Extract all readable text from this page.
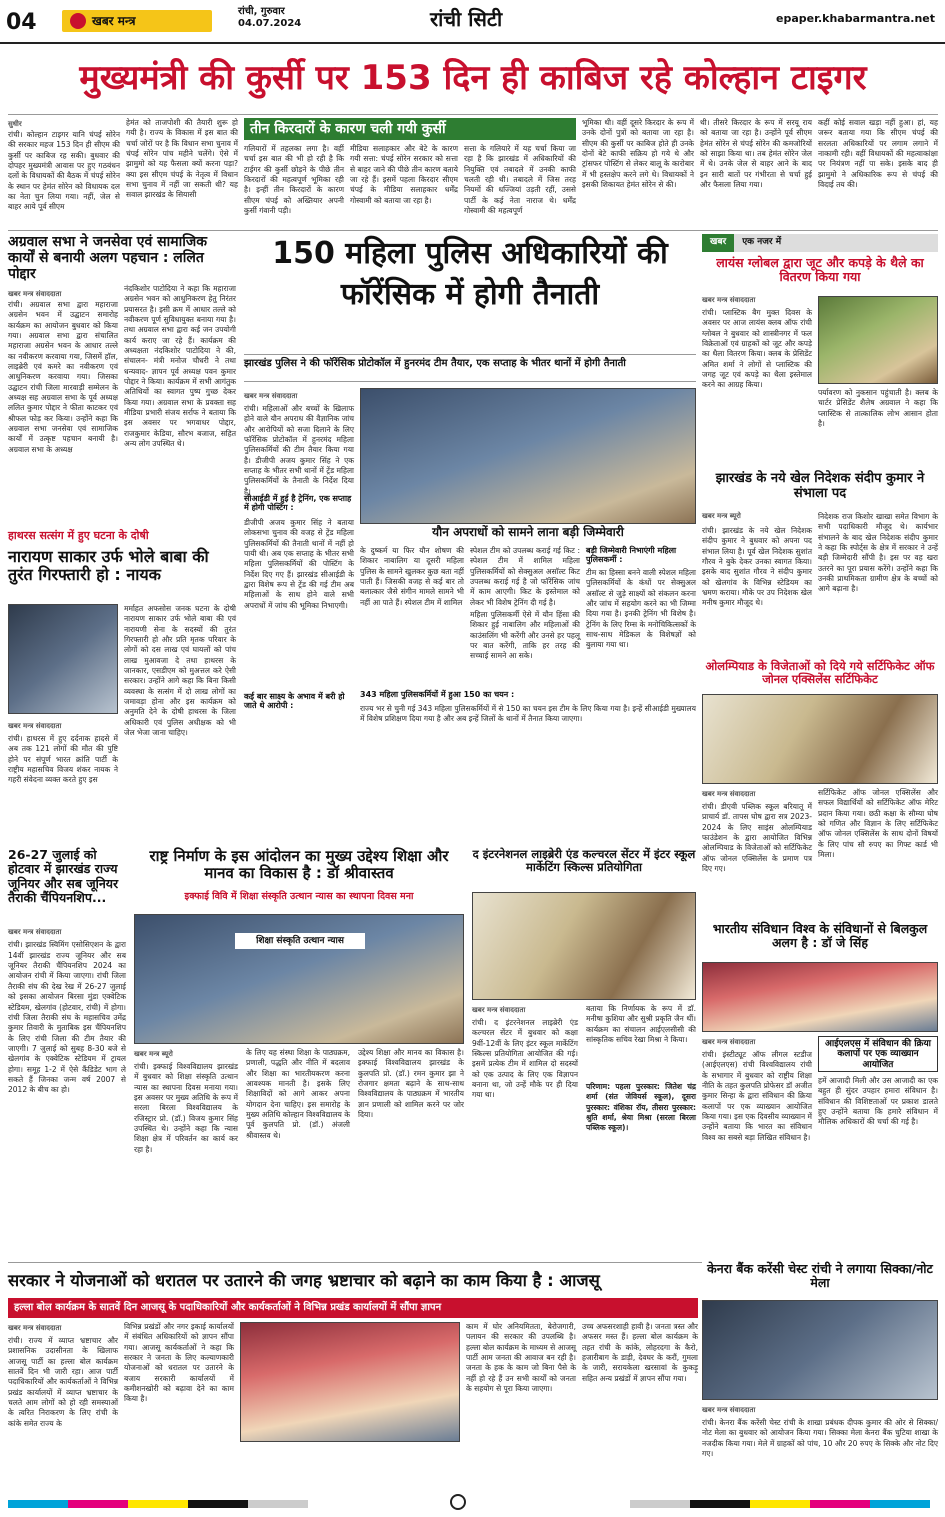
04	खबर मन्त्र
रांची, गुरुवार
04.07.2024	रांची सिटी	epaper.khabarmantra.net
मुख्यमंत्री की कुर्सी पर 153 दिन ही काबिज रहे कोल्हान टाइगर
सुधीर
रांची। कोल्हान टाइगर यानि चंपई सोरेन की सरकार महज 153 दिन ही सीएम की कुर्सी पर काबिज रह सकी। बुधवार की दोपहर मुख्यमंत्री आवास पर हुए गठबंधन दलों के विधायकों की बैठक में चंपई सोरेन के स्थान पर हेमंत सोरेन को विधायक दल का नेता चुन लिया गया। नहीं, जेल से बाहर आये पूर्व सीएम
हेमंत को ताजपोशी की तैयारी शुरू हो गयी है। राज्य के विकास में इस बात की चर्चा जोरों पर है कि विधान सभा चुनाव में चंपई सोरेन पांच महीने चलेंगे। ऐसे में झामुमो को यह फैसला क्यों करना पड़ा? क्या इस सीएम चंपई के नेतृत्व में विधान सभा चुनाव में नहीं जा सकती थी? यह सवाल झारखंड के सियासी
तीन किरदारों के कारण चली गयी कुर्सी
गलियारों में तहलका लगा है। वहीं चर्चा इस बात की भी हो रही है कि टाईगर की कुर्सी छोड़ने के पीछे तीन किरदारों की महत्वपूर्ण भूमिका रही है। इन्हीं तीन किरदारों के कारण सीएम चंपई को अख्तियार अपनी कुर्सी गंवानी पड़ी।
मीडिया सलाहकार और बेटे के कारण गयी सत्ता: चंपई सोरेन सरकार को सत्ता से बाहर जाने की पीछे तीन कारण बताये जा रहे हैं। इसमें पहला किरदार सीएम चंपई के मीडिया सलाहकार धर्मेंद्र गोस्वामी को बताया जा रहा है।
सत्ता के गलियारे में यह चर्चा किया जा रहा है कि झारखंड में अधिकारियों की नियुक्ति एवं तबादले में उनकी काफी चलती रही थी। तबादले में जिस तरह नियमों की धज्जियां उड़ती रहीं, उससे पार्टी के कई नेता नाराज थे। धर्मेंद्र गोस्वामी की महत्वपूर्ण
भूमिका थी। वहीं दूसरे किरदार के रूप में उनके दोनों पुत्रों को बताया जा रहा है। सीएम की कुर्सी पर काबिज होते ही उनके दोनों बेटे काफी सक्रिय हो गये थे और ट्रांसफर पोस्टिंग से लेकर बालू के कारोबार में भी हस्तक्षेप करने लगे थे। विधायकों ने इसकी शिकायत हेमंत सोरेन से की।
थी। तीसरे किरदार के रूप में सरयू राय को बताया जा रहा है। उन्होंने पूर्व सीएम हेमंत सोरेन से चंपई सोरेन की कमजोरियों को साझा किया था। तब हेमंत सोरेन जेल में थे। उनके जेल से बाहर आने के बाद इन सारी बातों पर गंभीरता से चर्चा हुई और फैसला लिया गया।
कहीं कोई सवाल खड़ा नहीं हुआ। हां, यह जरूर बताया गया कि सीएम चंपई की सरलता अधिकारियों पर लगाम लगाने में नाकामी रही। वहीं विधायकों की महत्वाकांक्षा पर नियंत्रण नहीं पा सके। इसके बाद ही झामुमो ने अधिकारिक रूप से चंपई की विदाई तय की।
अग्रवाल सभा ने जनसेवा एवं सामाजिक कार्यों से बनायी अलग पहचान : ललित पोद्दार
खबर मन्त्र संवाददाता
रांची। अग्रवाल सभा द्वारा महाराजा अग्रसेन भवन में उद्घाटन समारोह कार्यक्रम का आयोजन बुधवार को किया गया। अग्रवाल सभा द्वारा संचालित महाराजा अग्रसेन भवन के आधार तल्ले का नवीकरण करवाया गया, जिसमें हॉल, लाइब्रेरी एवं कमरे का नवीकरण एवं आधुनिकरण करवाया गया। जिसका उद्घाटन रांची जिला मारवाड़ी सम्मेलन के अध्यक्ष सह अग्रवाल सभा के पूर्व अध्यक्ष ललित कुमार पोद्दार ने फीता काटकर एवं श्रीफल फोड़ कर किया। उन्होंने कहा कि अग्रवाल सभा जनसेवा एवं सामाजिक कार्यों में उत्कृष्ट पहचान बनायी है। अग्रवाल सभा के अध्यक्ष
नंदकिशोर पाटोदिया ने कहा कि महाराजा अग्रसेन भवन को आधुनिकरण हेतु निरंतर प्रयासरत है। इसी क्रम में आधार तल्ले को नवीकरण पूर्ण सुविधायुक्त बनाया गया है। तथा अग्रवाल सभा द्वारा कई जन उपयोगी कार्य कराए जा रहे हैं। कार्यक्रम की अध्यक्षता नंदकिशोर पाटोदिया ने की, संचालन- मंत्री मनोज चौधरी ने तथा धन्यवाद- ज्ञापन पूर्व अध्यक्ष पवन कुमार पोद्दार ने किया। कार्यक्रम में सभी आगंतुक अतिथियों का स्वागत पुष्प गुच्छ देकर किया गया। अग्रवाल सभा के प्रवक्ता सह मीडिया प्रभारी संजय सर्राफ ने बताया कि इस अवसर पर भगवाधर पोद्दार, राजकुमार केडिया, सौरभ बजाज, सहित अन्य लोग उपस्थित थे।
हाथरस सत्संग में हुए घटना के दोषी
नारायण साकार उर्फ भोले बाबा की तुरंत गिरफ्तारी हो : नायक
खबर मन्त्र संवाददाता
रांची। हाथरस में हुए दर्दनाक हादसे में अब तक 121 लोगों की मौत की पुष्टि होने पर संपूर्ण भारत क्रांति पार्टी के राष्ट्रीय महासचिव विजय शंकर नायक ने गहरी संवेदना व्यक्त करते हुए इस
मर्माहत अफसोस जनक घटना के दोषी नारायण साकार उर्फ भोले बाबा की एवं नारायणी सेना के सदस्यों की तुरंत गिरफ्तारी हो और प्रति मृतक परिवार के लोगों को दस लाख एवं घायलों को पांच लाख मुआवजा दे तथा हाथरस के जानकार, एसडीएम को मुअत्तल करे ऐसी सरकार। उन्होंने आगे कहा कि बिना किसी व्यवस्था के सत्संग में दो लाख लोगों का जमावड़ा होना और इस कार्यक्रम को अनुमति देने के दोषी हाथरस के जिला अधिकारी एवं पुलिस अधीक्षक को भी जेल भेजा जाना चाहिए।
26-27 जुलाई को होटवार में झारखंड राज्य जूनियर और सब जूनियर तैराकी चैंपियनशिप...
खबर मन्त्र संवाददाता
रांची। झारखंड स्विमिंग एसोसिएशन के द्वारा 14वीं झारखंड राज्य जूनियर और सब जूनियर तैराकी चैंपियनशिप 2024 का आयोजन रांची में किया जाएगा। रांची जिला तैराकी संघ की देख रेख में 26-27 जुलाई को इसका आयोजन बिरसा मुंडा एक्वेटिक स्टेडियम, खेलगांव (होटवार, रांची) में होगा। रांची जिला तैराकी संघ के महासचिव उमेंद्र कुमार तिवारी के मुताबिक इस चैंपियनशिप के लिए रांची जिला की टीम तैयार की जाएगी। 7 जुलाई को सुबह 8-30 बजे से खेलगांव के एक्वेटिक स्टेडियम में ट्रायल होगा। समूह 1-2 में ऐसे कैंडिडेट भाग ले सकते हैं जिनका जन्म वर्ष 2007 से 2012 के बीच का हो।
150 महिला पुलिस अधिकारियों की फॉरेंसिक में होगी तैनाती
झारखंड पुलिस ने की फॉरेंसिक प्रोटोकॉल में हुनरमंद टीम तैयार, एक सप्ताह के भीतर थानों में होगी तैनाती
खबर मन्त्र संवाददाता
रांची। महिलाओं और बच्चों के खिलाफ होने वाले यौन अपराध की वैज्ञानिक जांच और आरोपियों को सजा दिलाने के लिए फॉरेंसिक प्रोटोकॉल में हुनरमंद महिला पुलिसकर्मियों की टीम तैयार किया गया है। डीजीपी अजय कुमार सिंह ने एक सप्ताह के भीतर सभी थानों में ट्रेंड महिला पुलिसकर्मियों के तैनाती के निर्देश दिया है।
यौन अपराधों को सामने लाना बड़ी जिम्मेवारी
सीआईडी में हुई है ट्रेनिंग, एक सप्ताह में होगी पोस्टिंग :
डीजीपी अजय कुमार सिंह ने बताया लोकसभा चुनाव की वजह से ट्रेंड महिला पुलिसकर्मियों की तैनाती थानों में नहीं हो पायी थी। अब एक सप्ताह के भीतर सभी महिला पुलिसकर्मियों की पोस्टिंग के निर्देश दिए गए हैं। झारखंड सीआईडी के द्वारा विशेष रूप से ट्रेंड की गई टीम अब महिलाओं के साथ होने वाले सभी अपराधों में जांच की भूमिका निभाएगी।
कई बार साक्ष्य के अभाव में बरी हो जाते थे आरोपी :
के दुष्कर्म या फिर यौन शोषण की शिकार नाबालिग या दूसरी महिला पुलिस के सामने खुलकर कुछ बता नहीं पाती हैं। जिसकी वजह से कई बार तो बलात्कार जैसे संगीन मामले सामने भी नहीं आ पाते हैं। स्पेशल टीम में शामिल
स्पेशल टीम को उपलब्ध कराई गई किट : स्पेशल टीम में शामिल महिला पुलिसकर्मियों को सेक्सुअल असॉल्ट किट उपलब्ध कराई गई है जो फॉरेंसिक जांच में काम आएगी। किट के इस्तेमाल को लेकर भी विशेष ट्रेनिंग दी गई है।
महिला पुलिसकर्मी ऐसे में यौन हिंसा की शिकार हुई नाबालिग और महिलाओं की काउंसलिंग भी करेंगी और उनसे हर पहलू पर बात करेंगी, ताकि हर तरह की सच्चाई सामने आ सके।
बड़ी जिम्मेवारी निभाएंगी महिला पुलिसकर्मी :
टीम का हिस्सा बनने वाली स्पेशल महिला पुलिसकर्मियों के कंधों पर सेक्सुअल असॉल्ट से जुड़े साक्ष्यों को संकलन करना और जांच में सहयोग करने का भी जिम्मा दिया गया है। इनकी ट्रेनिंग भी विशेष है। ट्रेनिंग के लिए रिम्स के मनोचिकित्सकों के साथ-साथ मेडिकल के विशेषज्ञों को बुलाया गया था।
343 महिला पुलिसकर्मियों में हुआ 150 का चयन :
राज्य भर से चुनी गई 343 महिला पुलिसकर्मियों में से 150 का चयन इस टीम के लिए किया गया है। इन्हें सीआईडी मुख्यालय में विशेष प्रशिक्षण दिया गया है और अब इन्हें जिलों के थानों में तैनात किया जाएगा।
खबर	एक नजर में
लायंस ग्लोबल द्वारा जूट और कपड़े के थैले का वितरण किया गया
खबर मन्त्र संवाददाता
रांची। प्लास्टिक बैग मुक्त दिवस के अवसर पर आज लायंस क्लब ऑफ रांची ग्लोबल ने बुधवार को शास्त्रीनगर में फल विक्रेताओं एवं ग्राहकों को जूट और कपड़े का थैला वितरण किया। क्लब के प्रेसिडेंट अमित शर्मा ने लोगों से प्लास्टिक की जगह जूट एवं कपड़े का थैला इस्तेमाल करने का आग्रह किया।
पर्यावरण को नुकसान पहुंचाती है। क्लब के चार्टर प्रेसिडेंट शैलेष अग्रवाल ने कहा कि प्लास्टिक से तात्कालिक लोभ आसान होता है।
झारखंड के नये खेल निदेशक संदीप कुमार ने संभाला पद
खबर मन्त्र ब्यूरो
रांची। झारखंड के नये खेल निदेशक संदीप कुमार ने बुधवार को अपना पद संभाल लिया है। पूर्व खेल निदेशक सुशांत गौरव ने बुके देकर उनका स्वागत किया। इसके बाद सुशांत गौरव ने संदीप कुमार को खेलगांव के विभिन्न स्टेडियम का भ्रमण कराया। मौके पर उप निदेशक खेल मनीष कुमार मौजूद थे।
निदेशक राज किशोर खाखा समेत विभाग के सभी पदाधिकारी मौजूद थे। कार्यभार संभालने के बाद खेल निदेशक संदीप कुमार ने कहा कि स्पोर्ट्स के क्षेत्र में सरकार ने उन्हें बड़ी जिम्मेदारी सौंपी है। इस पर वह खरा उतरने का पूरा प्रयास करेंगे। उन्होंने कहा कि उनकी प्राथमिकता ग्रामीण क्षेत्र के बच्चों को आगे बढ़ाना है।
ओलम्पियाड के विजेताओं को दिये गये सर्टिफिकेट ऑफ जोनल एक्सिलेंस सर्टिफिकेट
खबर मन्त्र संवाददाता
रांची। डीएवी पब्लिक स्कूल बरियातू में प्राचार्य डॉ. तापस घोष द्वारा सत्र 2023-2024 के लिए साइंस ओलम्पियाड फाउंडेशन के द्वारा आयोजित विभिन्न ओलम्पियाड के विजेताओं को सर्टिफिकेट ऑफ जोनल एक्सिलेंस के प्रमाण पत्र दिए गए।
सर्टिफिकेट ऑफ जोनल एक्सिलेंस और सफल विद्यार्थियों को सर्टिफिकेट ऑफ मेरिट प्रदान किया गया। छठी कक्षा के सौम्या घोष को गणित और विज्ञान के लिए सर्टिफिकेट ऑफ जोनल एक्सिलेंस के साथ दोनों विषयों के लिए पांच सौ रुपए का गिफ्ट कार्ड भी मिला।
भारतीय संविधान विश्व के संविधानों से बिलकुल अलग है : डॉ जे सिंह
खबर मन्त्र संवाददाता
रांची। इंस्टीट्यूट ऑफ लीगल स्टडीज (आईएलएस) रांची विश्वविद्यालय रांची के सभागार में बुधवार को राष्ट्रीय शिक्षा नीति के तहत कुलपति प्रोफेसर डॉ अजीत कुमार सिन्हा के द्वारा संविधान की क्रिया कलापों पर एक व्याख्यान आयोजित किया गया। इस एक दिवसीय व्याख्यान में उन्होंने बताया कि भारत का संविधान विश्व का सबसे बड़ा लिखित संविधान है।
आईएलएस में संविधान की क्रिया कलापों पर एक व्याख्यान आयोजित
हमें आजादी मिली और उस आजादी का एक बहुत ही सुंदर उपहार हमारा संविधान है। संविधान की विशिष्टताओं पर प्रकाश डालते हुए उन्होंने बताया कि हमारे संविधान में मौलिक अधिकारों की चर्चा की गई है।
राष्ट्र निर्माण के इस आंदोलन का मुख्य उद्देश्य शिक्षा और मानव का विकास है : डॉ श्रीवास्तव
इक्फाई विवि में शिक्षा संस्कृति उत्थान न्यास का स्थापना दिवस मना
शिक्षा संस्कृति उत्थान न्यास
खबर मन्त्र ब्यूरो
रांची। इक्फाई विश्वविद्यालय झारखंड में बुधवार को शिक्षा संस्कृति उत्थान न्यास का स्थापना दिवस मनाया गया। इस अवसर पर मुख्य अतिथि के रूप में सरला बिरला विश्वविद्यालय के रजिस्ट्रार प्रो. (डॉ.) विजय कुमार सिंह उपस्थित थे। उन्होंने कहा कि न्यास शिक्षा क्षेत्र में परिवर्तन का कार्य कर रहा है।
के लिए यह संस्था शिक्षा के पाठ्यक्रम, प्रणाली, पद्धति और नीति में बदलाव और शिक्षा का भारतीयकरण करना आवश्यक मानती है। इसके लिए शिक्षाविदों को आगे आकर अपना योगदान देना चाहिए। इस समारोह के मुख्य अतिथि कोल्हान विश्वविद्यालय के पूर्व कुलपति प्रो. (डॉ.) अंजली श्रीवास्तव थे।
उद्देश्य शिक्षा और मानव का विकास है। इक्फाई विश्वविद्यालय झारखंड के कुलपति प्रो. (डॉ.) रमन कुमार झा ने रोजगार क्षमता बढ़ाने के साथ-साथ विश्वविद्यालय के पाठ्यक्रम में भारतीय ज्ञान प्रणाली को शामिल करने पर जोर दिया।
द इंटरनेशनल लाइब्रेरी एंड कल्चरल सेंटर में इंटर स्कूल मार्केटिंग स्किल्स प्रतियोगिता
खबर मन्त्र संवाददाता
रांची। द इंटरनेशनल लाइब्रेरी एंड कल्चरल सेंटर में बुधवार को कक्षा 9वीं-12वीं के लिए इंटर स्कूल मार्केटिंग स्किल्स प्रतियोगिता आयोजित की गई। इसमें प्रत्येक टीम में शामिल दो सदस्यों को एक उत्पाद के लिए एक विज्ञापन बनाना था, जो उन्हें मौके पर ही दिया गया था।
बताया कि निर्णायक के रूप में डॉ. मनीषा कुशिया और सुश्री प्रकृति जैन थीं। कार्यक्रम का संचालन आईएलसीसी की सांस्कृतिक सचिव रेखा मिश्रा ने किया।
परिणाम: पहला पुरस्कार: जितेश चंद्र शर्मा (संत जेवियर्स स्कूल), दूसरा पुरस्कार: वंशिका रॉय, तीसरा पुरस्कार: श्रुति शर्मा, श्रेया मिश्रा (सरला बिरला पब्लिक स्कूल)।
सरकार ने योजनाओं को धरातल पर उतारने की जगह भ्रष्टाचार को बढ़ाने का काम किया है : आजसू
हल्ला बोल कार्यक्रम के सातवें दिन आजसू के पदाधिकारियों और कार्यकर्ताओं ने विभिन्न प्रखंड कार्यालयों में सौंपा ज्ञापन
खबर मन्त्र संवाददाता
रांची। राज्य में व्याप्त भ्रष्टाचार और प्रशासनिक उदासीनता के खिलाफ आजसू पार्टी का हल्ला बोल कार्यक्रम सातवें दिन भी जारी रहा। आज पार्टी पदाधिकारियों और कार्यकर्ताओं ने विभिन्न प्रखंड कार्यालयों में व्याप्त भ्रष्टाचार के चलते आम लोगों को हो रही समस्याओं के त्वरित निराकरण के लिए रांची के कांके समेत राज्य के
विभिन्न प्रखंडों और नगर इकाई कार्यालयों में संबंधित अधिकारियों को ज्ञापन सौंपा गया। आजसू कार्यकर्ताओं ने कहा कि सरकार ने जनता के लिए कल्याणकारी योजनाओं को धरातल पर उतारने के बजाय सरकारी कार्यालयों में कमीशनखोरी को बढ़ावा देने का काम किया है।
काम में घोर अनियमितता, बेरोजगारी, पलायन की सरकार की उपलब्धि है। हल्ला बोल कार्यक्रम के माध्यम से आजसू पार्टी आम जनता की आवाज बन रही है। जनता के हक के काम जो बिना पैसे के नहीं हो रहे हैं उन सभी कार्यों को जनता के सहयोग से पूरा किया जाएगा।
उच्च अफसरशाही हावी है। जनता त्रस्त और अफसर मस्त हैं। हल्ला बोल कार्यक्रम के तहत रांची के कांके, लोहरदगा के कैरो, हजारीबाग के डाड़ी, देवघर के करौं, गुमला के जारी, सरायकेला खरसावां के कुकड़ू सहित अन्य प्रखंडों में ज्ञापन सौंपा गया।
केनरा बैंक करेंसी चेस्ट रांची ने लगाया सिक्का/नोट मेला
खबर मन्त्र संवाददाता
रांची। केनरा बैंक करेंसी चेस्ट रांची के शाखा प्रबंधक दीपक कुमार की ओर से सिक्का/नोट मेला का बुधवार को आयोजन किया गया। सिक्का मेला केनरा बैंक चुटिया शाखा के नजदीक किया गया। मेले में ग्राहकों को पांच, 10 और 20 रुपए के सिक्के और नोट दिए गए।
